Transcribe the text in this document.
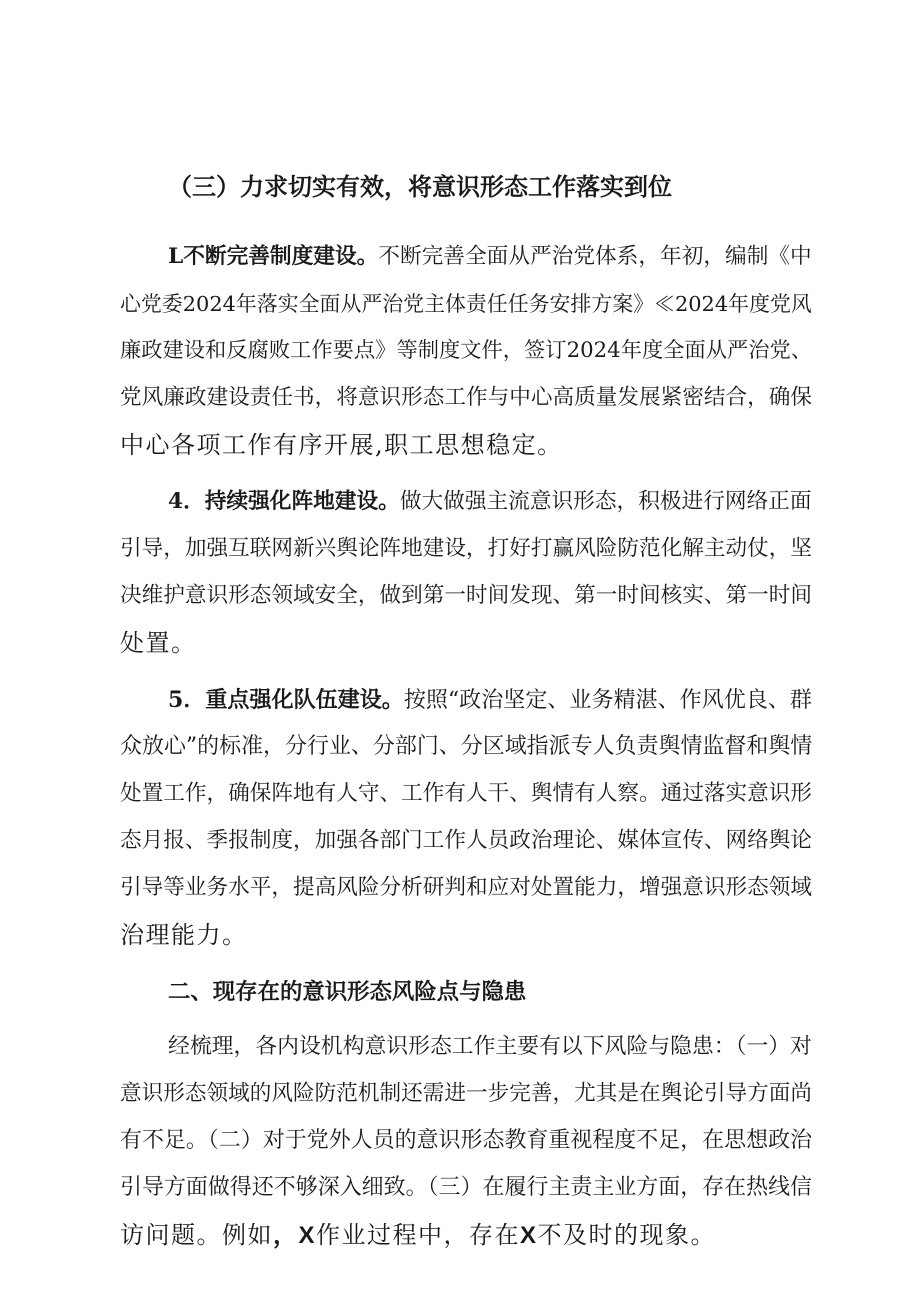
（三）力求切实有效，将意识形态工作落实到位
L不断完善制度建设。不断完善全面从严治党体系，年初，编制《中
心党委2024年落实全面从严治党主体责任任务安排方案》≪2024年度党风
廉政建设和反腐败工作要点》等制度文件，签订2024年度全面从严治党、
党风廉政建设责任书，将意识形态工作与中心高质量发展紧密结合，确保
中心各项工作有序开展,职工思想稳定。
4．持续强化阵地建设。做大做强主流意识形态，积极进行网络正面
引导，加强互联网新兴舆论阵地建设，打好打赢风险防范化解主动仗，坚
决维护意识形态领域安全，做到第一时间发现、第一时间核实、第一时间
处置。
5．重点强化队伍建设。按照“政治坚定、业务精湛、作风优良、群
众放心”的标准，分行业、分部门、分区域指派专人负责舆情监督和舆情
处置工作，确保阵地有人守、工作有人干、舆情有人察。通过落实意识形
态月报、季报制度，加强各部门工作人员政治理论、媒体宣传、网络舆论
引导等业务水平，提高风险分析研判和应对处置能力，增强意识形态领域
治理能力。
二、现存在的意识形态风险点与隐患
经梳理，各内设机构意识形态工作主要有以下风险与隐患：（一）对
意识形态领域的风险防范机制还需进一步完善，尤其是在舆论引导方面尚
有不足。（二）对于党外人员的意识形态教育重视程度不足，在思想政治
引导方面做得还不够深入细致。（三）在履行主责主业方面，存在热线信
访问题。例如，X作业过程中，存在X不及时的现象。
